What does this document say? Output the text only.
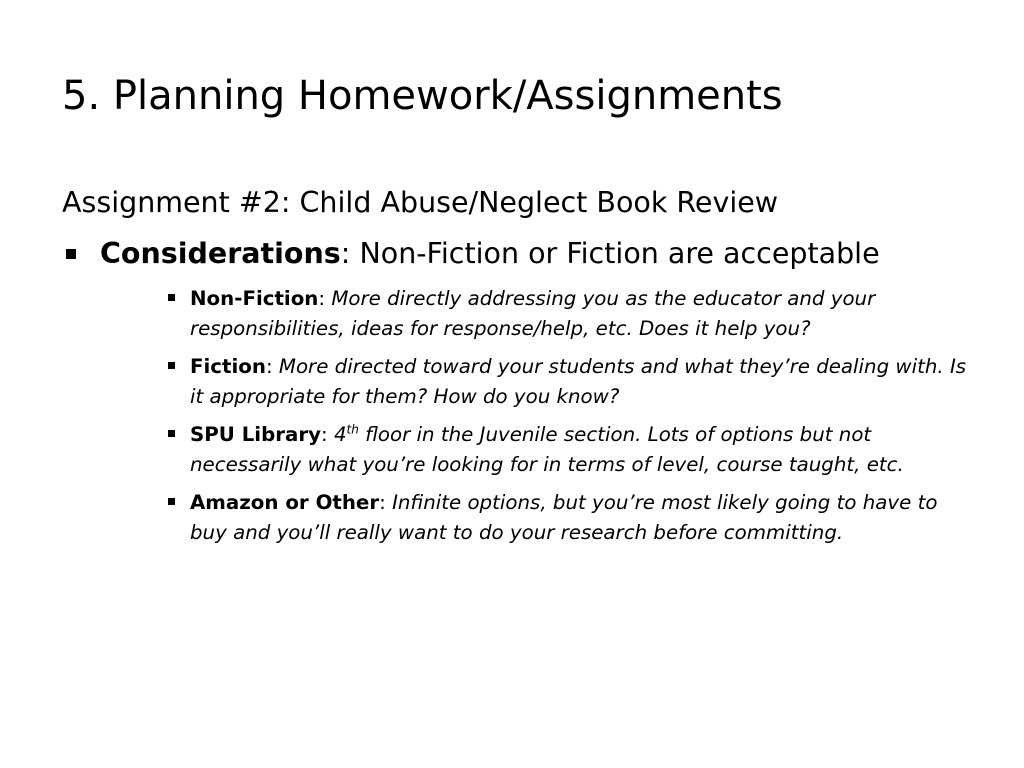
5. Planning Homework/Assignments

Assignment #2: Child Abuse/Neglect Book Review

Considerations: Non-Fiction or Fiction are acceptable
Non-Fiction: More directly addressing you as the educator and your responsibilities, ideas for response/help, etc. Does it help you?
Fiction: More directed toward your students and what they’re dealing with. Is it appropriate for them? How do you know?
SPU Library: 4th floor in the Juvenile section. Lots of options but not necessarily what you’re looking for in terms of level, course taught, etc.
Amazon or Other: Infinite options, but you’re most likely going to have to buy and you’ll really want to do your research before committing.
